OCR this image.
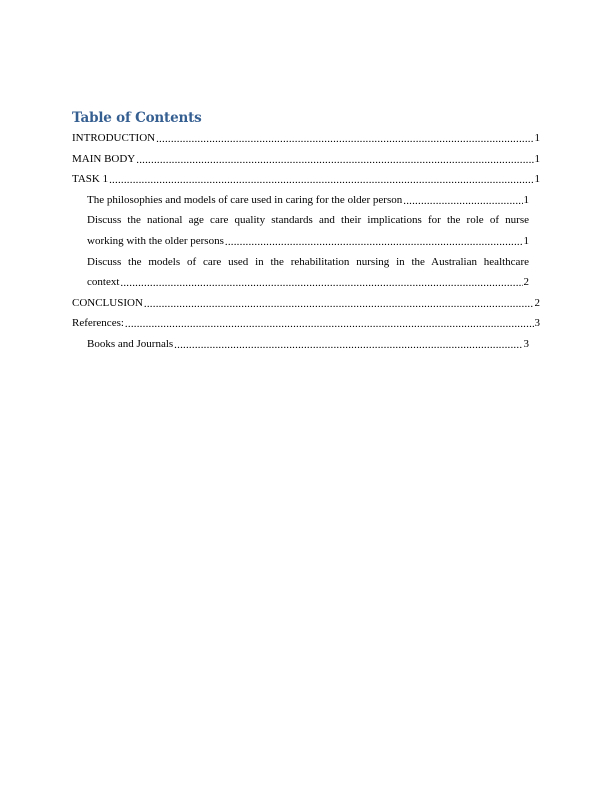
Table of Contents
INTRODUCTION .....	1
MAIN BODY .....	1
TASK 1 .....	1
The philosophies and models of care used in caring for the older person .....	1
Discuss the national age care quality standards and their implications for the role of nurse
working with the older persons .....	1
Discuss the models of care used in the rehabilitation nursing in the Australian healthcare
context .....	2
CONCLUSION .....	2
References: .....	3
Books and Journals .....	3
